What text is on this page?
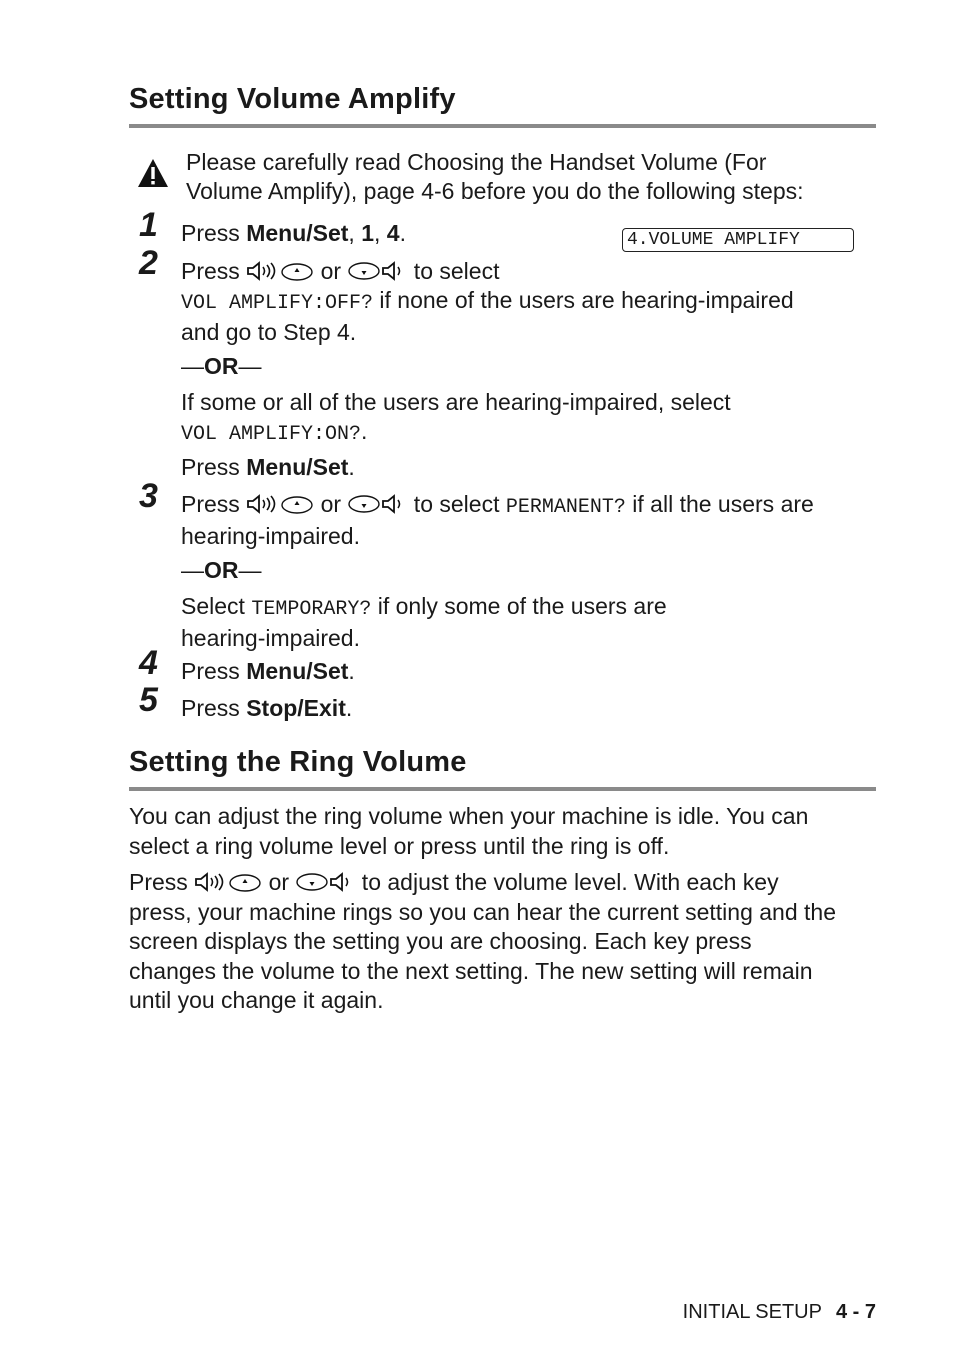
Setting Volume Amplify
Please carefully read Choosing the Handset Volume (For
Volume Amplify), page 4-6 before you do the following steps:
4.VOLUME AMPLIFY
1	Press Menu/Set, 1, 4.
2	Press	or	to select
VOL AMPLIFY:OFF? if none of the users are hearing-impaired
and go to Step 4.
—OR—
If some or all of the users are hearing-impaired, select
VOL AMPLIFY:ON?.
Press Menu/Set.
3	Press	or	to select PERMANENT? if all the users are
hearing-impaired.
—OR—
Select TEMPORARY? if only some of the users are
hearing-impaired.
4	Press Menu/Set.
5	Press Stop/Exit.
Setting the Ring Volume
You can adjust the ring volume when your machine is idle. You can
select a ring volume level or press until the ring is off.
Press	or	to adjust the volume level. With each key
press, your machine rings so you can hear the current setting and the
screen displays the setting you are choosing. Each key press
changes the volume to the next setting. The new setting will remain
until you change it again.
INITIAL SETUP 4 - 7
